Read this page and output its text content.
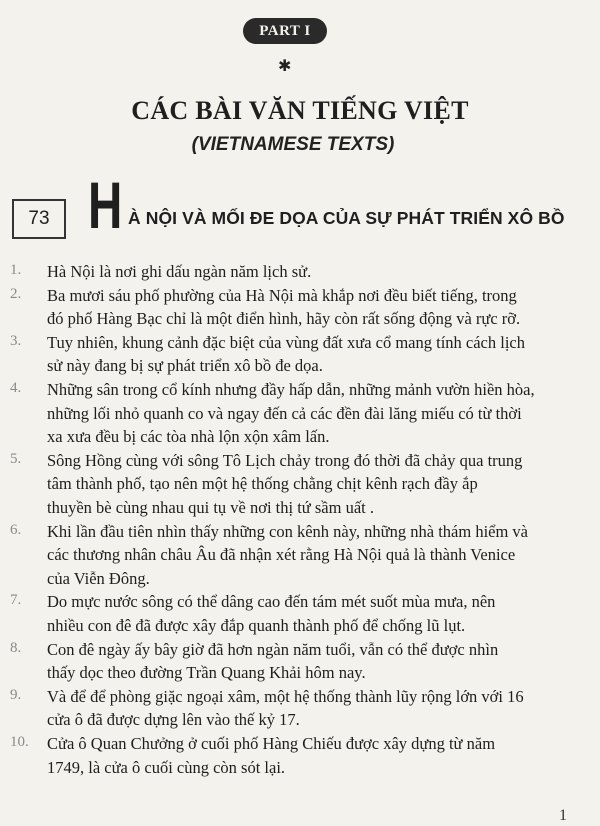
PART I
✱
CÁC BÀI VĂN TIẾNG VIỆT
(VIETNAMESE TEXTS)
73 H À NỘI VÀ MỐI ĐE DỌA CỦA SỰ PHÁT TRIỂN XÔ BỒ
1.	Hà Nội là nơi ghi dấu ngàn năm lịch sử.
2.	Ba mươi sáu phố phường của Hà Nội mà khắp nơi đều biết tiếng, trong
đó phố Hàng Bạc chỉ là một điển hình, hãy còn rất sống động và rực rỡ.
3.	Tuy nhiên, khung cảnh đặc biệt của vùng đất xưa cổ mang tính cách lịch
sử này đang bị sự phát triển xô bồ đe dọa.
4.	Những sân trong cổ kính nhưng đầy hấp dẫn, những mảnh vườn hiền hòa,
những lối nhỏ quanh co và ngay đến cả các đền đài lăng miếu có từ thời
xa xưa đều bị các tòa nhà lộn xộn xâm lấn.
5.	Sông Hồng cùng với sông Tô Lịch chảy trong đó thời đã chảy qua trung
tâm thành phố, tạo nên một hệ thống chằng chịt kênh rạch đầy ắp
thuyền bè cùng nhau qui tụ về nơi thị tứ sầm uất .
6.	Khi lần đầu tiên nhìn thấy những con kênh này, những nhà thám hiểm và
các thương nhân châu Âu đã nhận xét rằng Hà Nội quả là thành Venice
của Viễn Đông.
7.	Do mực nước sông có thể dâng cao đến tám mét suốt mùa mưa, nên
nhiều con đê đã được xây đắp quanh thành phố để chống lũ lụt.
8.	Con đê ngày ấy bây giờ đã hơn ngàn năm tuổi, vẫn có thể được nhìn
thấy dọc theo đường Trần Quang Khải hôm nay.
9.	Và để để phòng giặc ngoại xâm, một hệ thống thành lũy rộng lớn với 16
cửa ô đã được dựng lên vào thế kỷ 17.
10.	Cửa ô Quan Chưởng ở cuối phố Hàng Chiếu được xây dựng từ năm
1749, là cửa ô cuối cùng còn sót lại.
1
